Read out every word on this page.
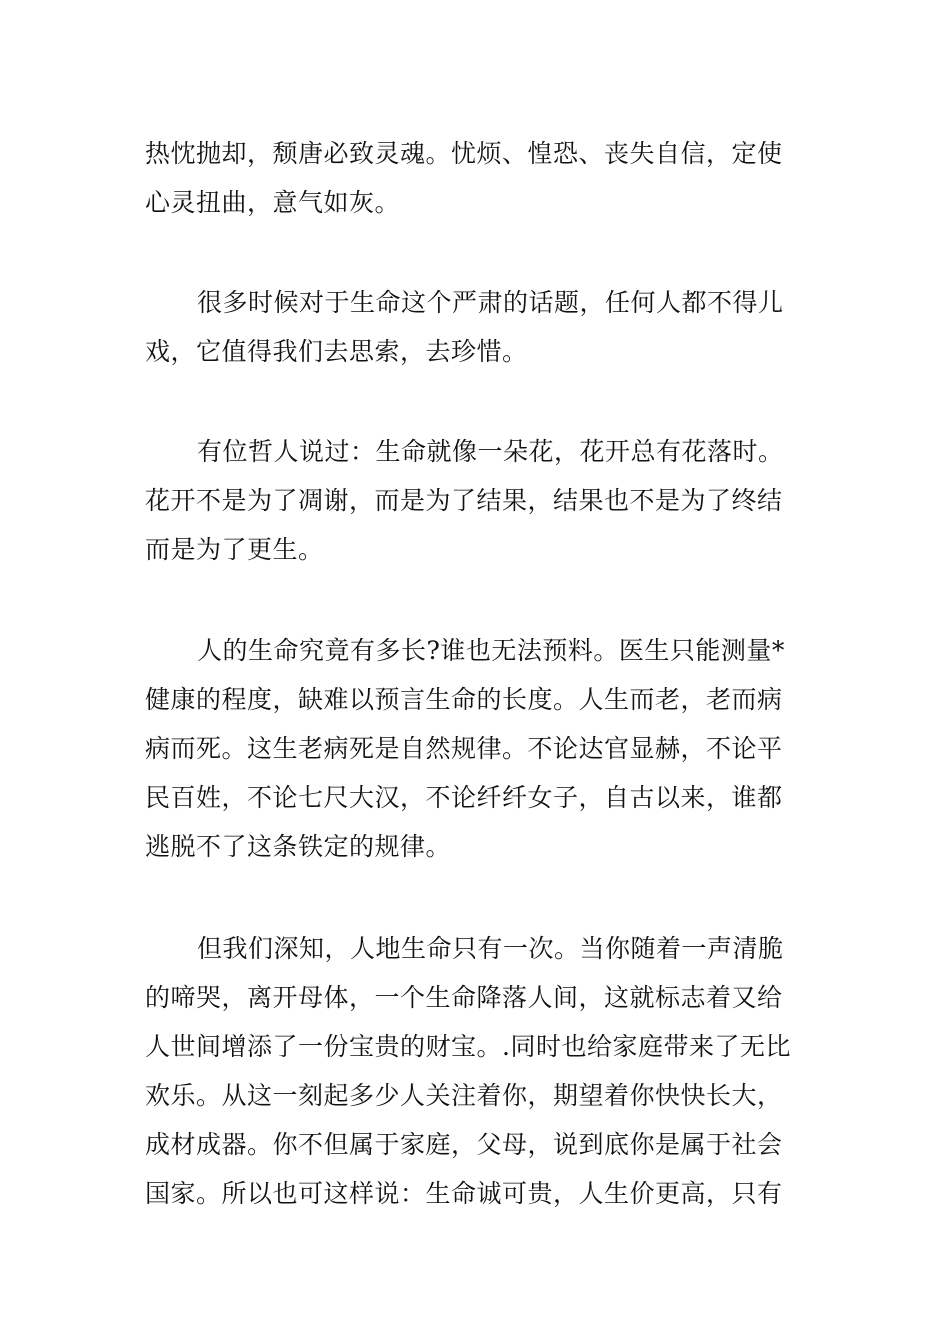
热忱抛却，颓唐必致灵魂。忧烦、惶恐、丧失自信，定使
心灵扭曲，意气如灰。
很多时候对于生命这个严肃的话题，任何人都不得儿
戏，它值得我们去思索，去珍惜。
有位哲人说过：生命就像一朵花，花开总有花落时。
花开不是为了凋谢，而是为了结果，结果也不是为了终结
而是为了更生。
人的生命究竟有多长?谁也无法预料。医生只能测量*
健康的程度，缺难以预言生命的长度。人生而老，老而病
病而死。这生老病死是自然规律。不论达官显赫，不论平
民百姓，不论七尺大汉，不论纤纤女子，自古以来，谁都
逃脱不了这条铁定的规律。
但我们深知，人地生命只有一次。当你随着一声清脆
的啼哭，离开母体，一个生命降落人间，这就标志着又给
人世间增添了一份宝贵的财宝。.同时也给家庭带来了无比
欢乐。从这一刻起多少人关注着你，期望着你快快长大，
成材成器。你不但属于家庭，父母，说到底你是属于社会
国家。所以也可这样说：生命诚可贵，人生价更高，只有
